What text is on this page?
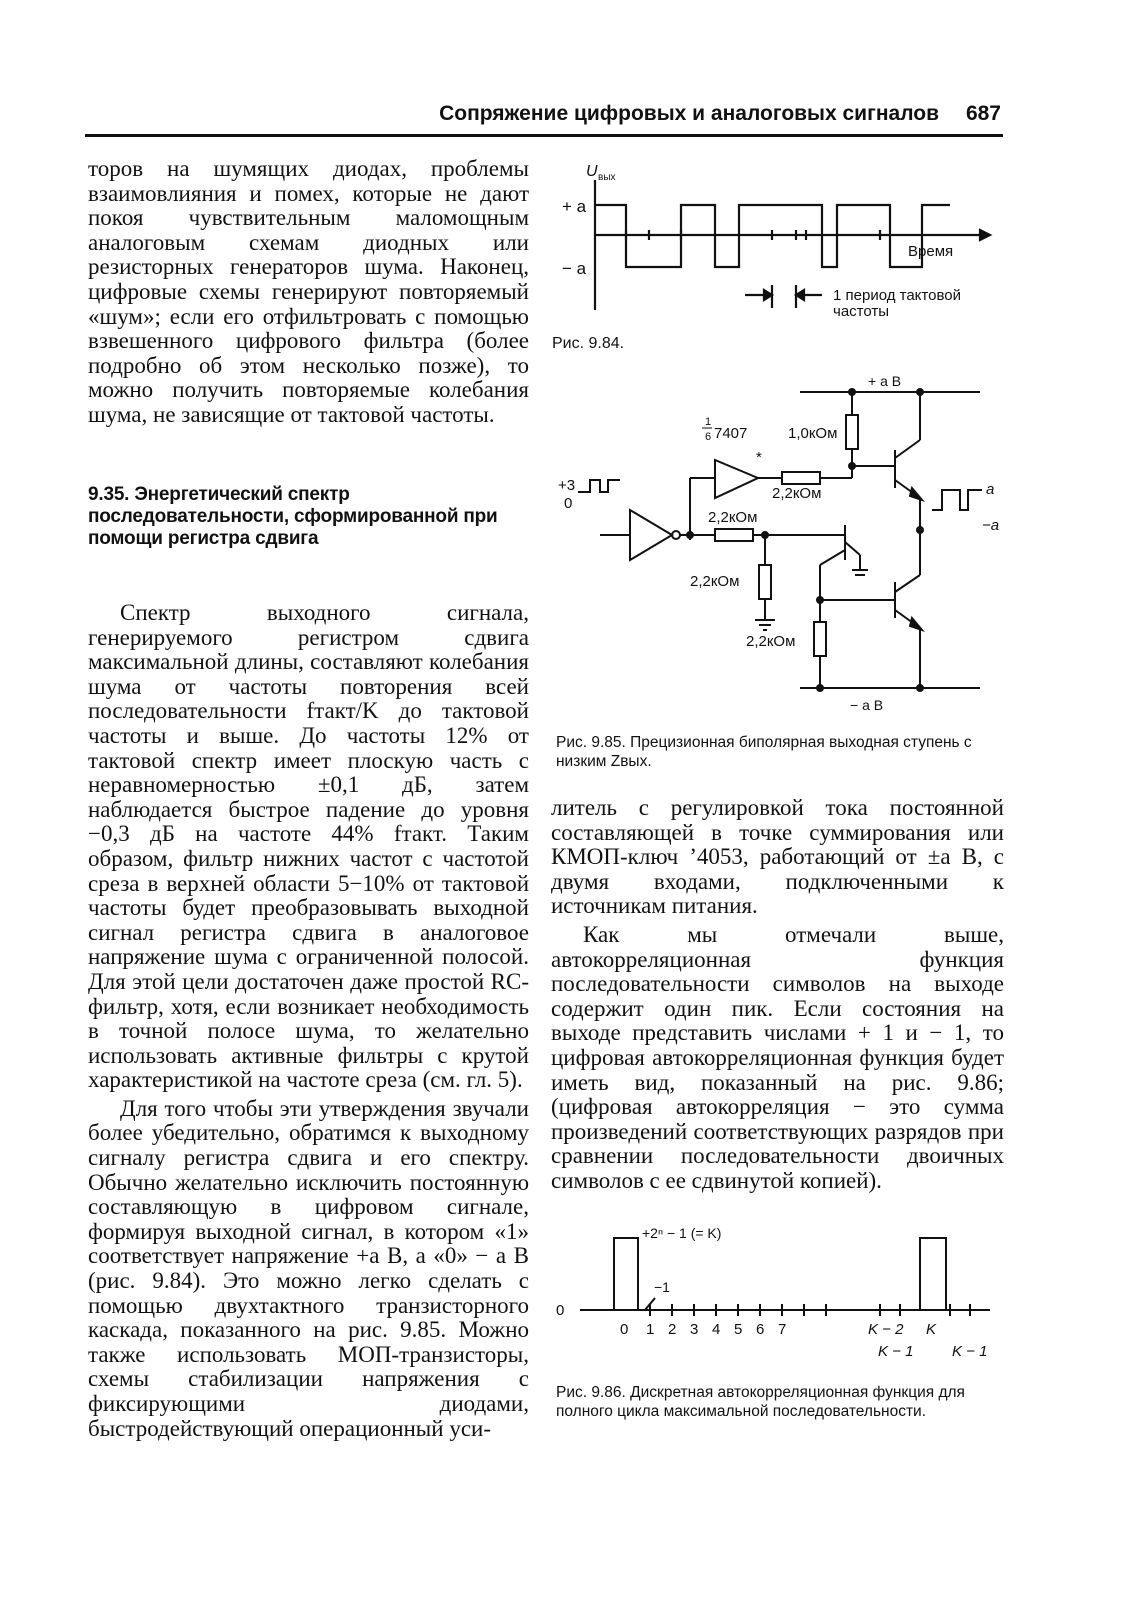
Сопряжение цифровых и аналоговых сигналов 687

торов на шумящих диодах, проблемы взаимовлияния и помех, которые не дают покоя чувствительным маломощным аналоговым схемам диодных или резисторных генераторов шума. Наконец, цифровые схемы генерируют повторяемый «шум»; если его отфильтровать с помощью взвешенного цифрового фильтра (более подробно об этом несколько позже), то можно получить повторяемые колебания шума, не зависящие от тактовой частоты.

9.35. Энергетический спектр последовательности, сформированной при помощи регистра сдвига

Спектр выходного сигнала, генерируемого регистром сдвига максимальной длины, составляют колебания шума от частоты повторения всей последовательности fтакт/K до тактовой частоты и выше. До частоты 12% от тактовой спектр имеет плоскую часть с неравномерностью ±0,1 дБ, затем наблюдается быстрое падение до уровня −0,3 дБ на частоте 44% fтакт. Таким образом, фильтр нижних частот с частотой среза в верхней области 5−10% от тактовой частоты будет преобразовывать выходной сигнал регистра сдвига в аналоговое напряжение шума с ограниченной полосой. Для этой цели достаточен даже простой RC-фильтр, хотя, если возникает необходимость в точной полосе шума, то желательно использовать активные фильтры с крутой характеристикой на частоте среза (см. гл. 5).

Для того чтобы эти утверждения звучали более убедительно, обратимся к выходному сигналу регистра сдвига и его спектру. Обычно желательно исключить постоянную составляющую в цифровом сигнале, формируя выходной сигнал, в котором «1» соответствует напряжение +a В, а «0» − a В (рис. 9.84). Это можно легко сделать с помощью двухтактного транзисторного каскада, показанного на рис. 9.85. Можно также использовать МОП-транзисторы, схемы стабилизации напряжения с фиксирующими диодами, быстродействующий операционный уси-

литель с регулировкой тока постоянной составляющей в точке суммирования или КМОП-ключ ’4053, работающий от ±a В, с двумя входами, подключенными к источникам питания.

Как мы отмечали выше, автокорреляционная функция последовательности символов на выходе содержит один пик. Если состояния на выходе представить числами + 1 и − 1, то цифровая автокорреляционная функция будет иметь вид, показанный на рис. 9.86; (цифровая автокорреляция − это сумма произведений соответствующих разрядов при сравнении последовательности двоичных символов с ее сдвинутой копией).

U вых
+ a
− a
Время
1 период тактовой
частоты
Рис. 9.84.
+ a В
− a В
1
6 7407
*
1,0кОм
2,2кОм
2,2кОм
2,2кОм
2,2кОм
+3
0
a
−a
Рис. 9.85. Прецизионная биполярная выходная ступень с низким Zвых.
+2ⁿ − 1 (= K)
−1
0
0 1 2 3 4 5 6 7	K − 2 K
K − 1	K − 1
Рис. 9.86. Дискретная автокорреляционная функция для полного цикла максимальной последовательности.
